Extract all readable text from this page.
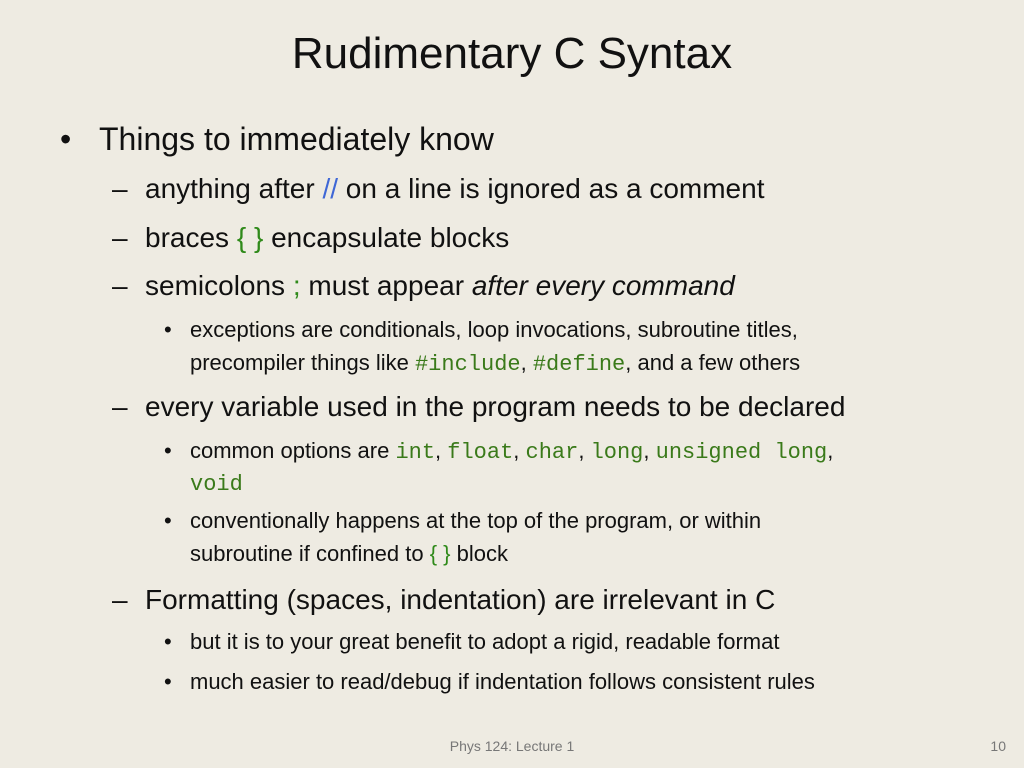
Rudimentary C Syntax
• Things to immediately know
– anything after // on a line is ignored as a comment
– braces { } encapsulate blocks
– semicolons ; must appear after every command
• exceptions are conditionals, loop invocations, subroutine titles,
precompiler things like #include, #define, and a few others
– every variable used in the program needs to be declared
• common options are int, float, char, long, unsigned long,
void
• conventionally happens at the top of the program, or within
subroutine if confined to { } block
– Formatting (spaces, indentation) are irrelevant in C
• but it is to your great benefit to adopt a rigid, readable format
• much easier to read/debug if indentation follows consistent rules
Phys 124: Lecture 1	10
